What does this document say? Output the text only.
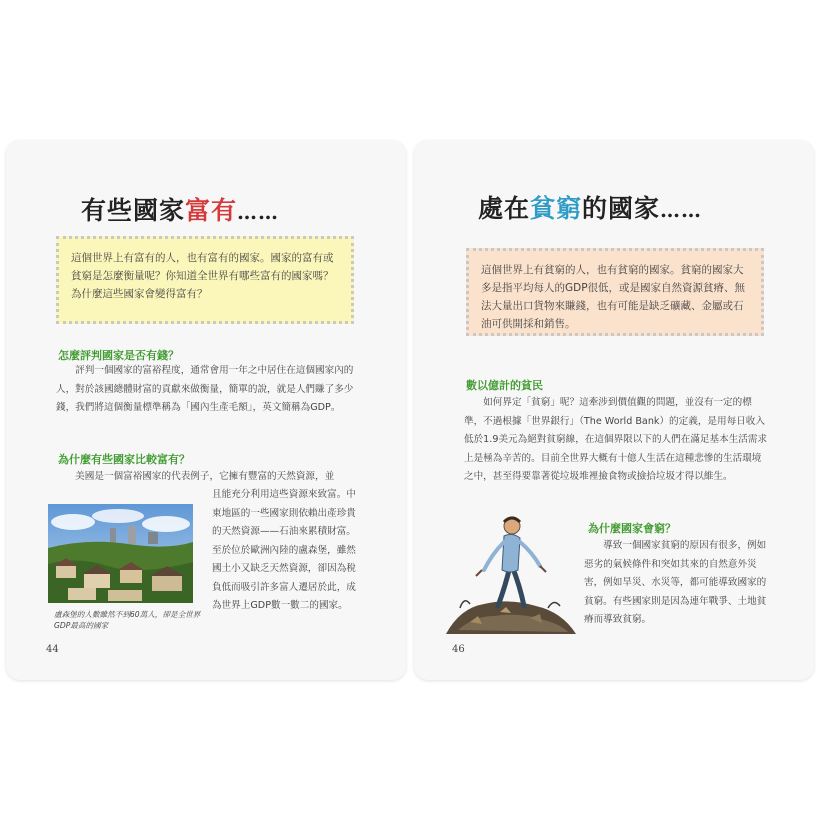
有些國家富有……
這個世界上有富有的人，也有富有的國家。國家的富有或貧窮是怎麼衡量呢？你知道全世界有哪些富有的國家嗎？為什麼這些國家會變得富有？
怎麼評判國家是否有錢？
　　評判一個國家的富裕程度，通常會用一年之中居住在這個國家內的人，對於該國總體財富的貢獻來做衡量，簡單的說，就是人們賺了多少錢，我們將這個衡量標準稱為「國內生產毛額」，英文簡稱為GDP。
為什麼有些國家比較富有？
　　美國是一個富裕國家的代表例子，它擁有豐富的天然資源，並
且能充分利用這些資源來致富。中東地區的一些國家則依賴出產珍貴的天然資源——石油來累積財富。至於位於歐洲內陸的盧森堡，雖然國土小又缺乏天然資源，卻因為稅負低而吸引許多富人遷居於此，成為世界上GDP數一數二的國家。
盧森堡的人數雖然不到60萬人，卻是全世界GDP最高的國家
44
處在貧窮的國家……
這個世界上有貧窮的人，也有貧窮的國家。貧窮的國家大多是指平均每人的GDP很低，或是國家自然資源貧瘠、無法大量出口貨物來賺錢，也有可能是缺乏礦藏、金屬或石油可供開採和銷售。
數以億計的貧民
　　如何界定「貧窮」呢？這牽涉到價值觀的問題，並沒有一定的標準，不過根據「世界銀行」（The World Bank）的定義，是用每日收入低於1.9美元為絕對貧窮線，在這個界限以下的人們在滿足基本生活需求上是極為辛苦的。目前全世界大概有十億人生活在這種悲慘的生活環境之中，甚至得要靠著從垃圾堆裡撿食物或撿拾垃圾才得以維生。
為什麼國家會窮？
　　導致一個國家貧窮的原因有很多，例如惡劣的氣候條件和突如其來的自然意外災害，例如旱災、水災等，都可能導致國家的貧窮。有些國家則是因為連年戰爭、土地貧瘠而導致貧窮。
46
